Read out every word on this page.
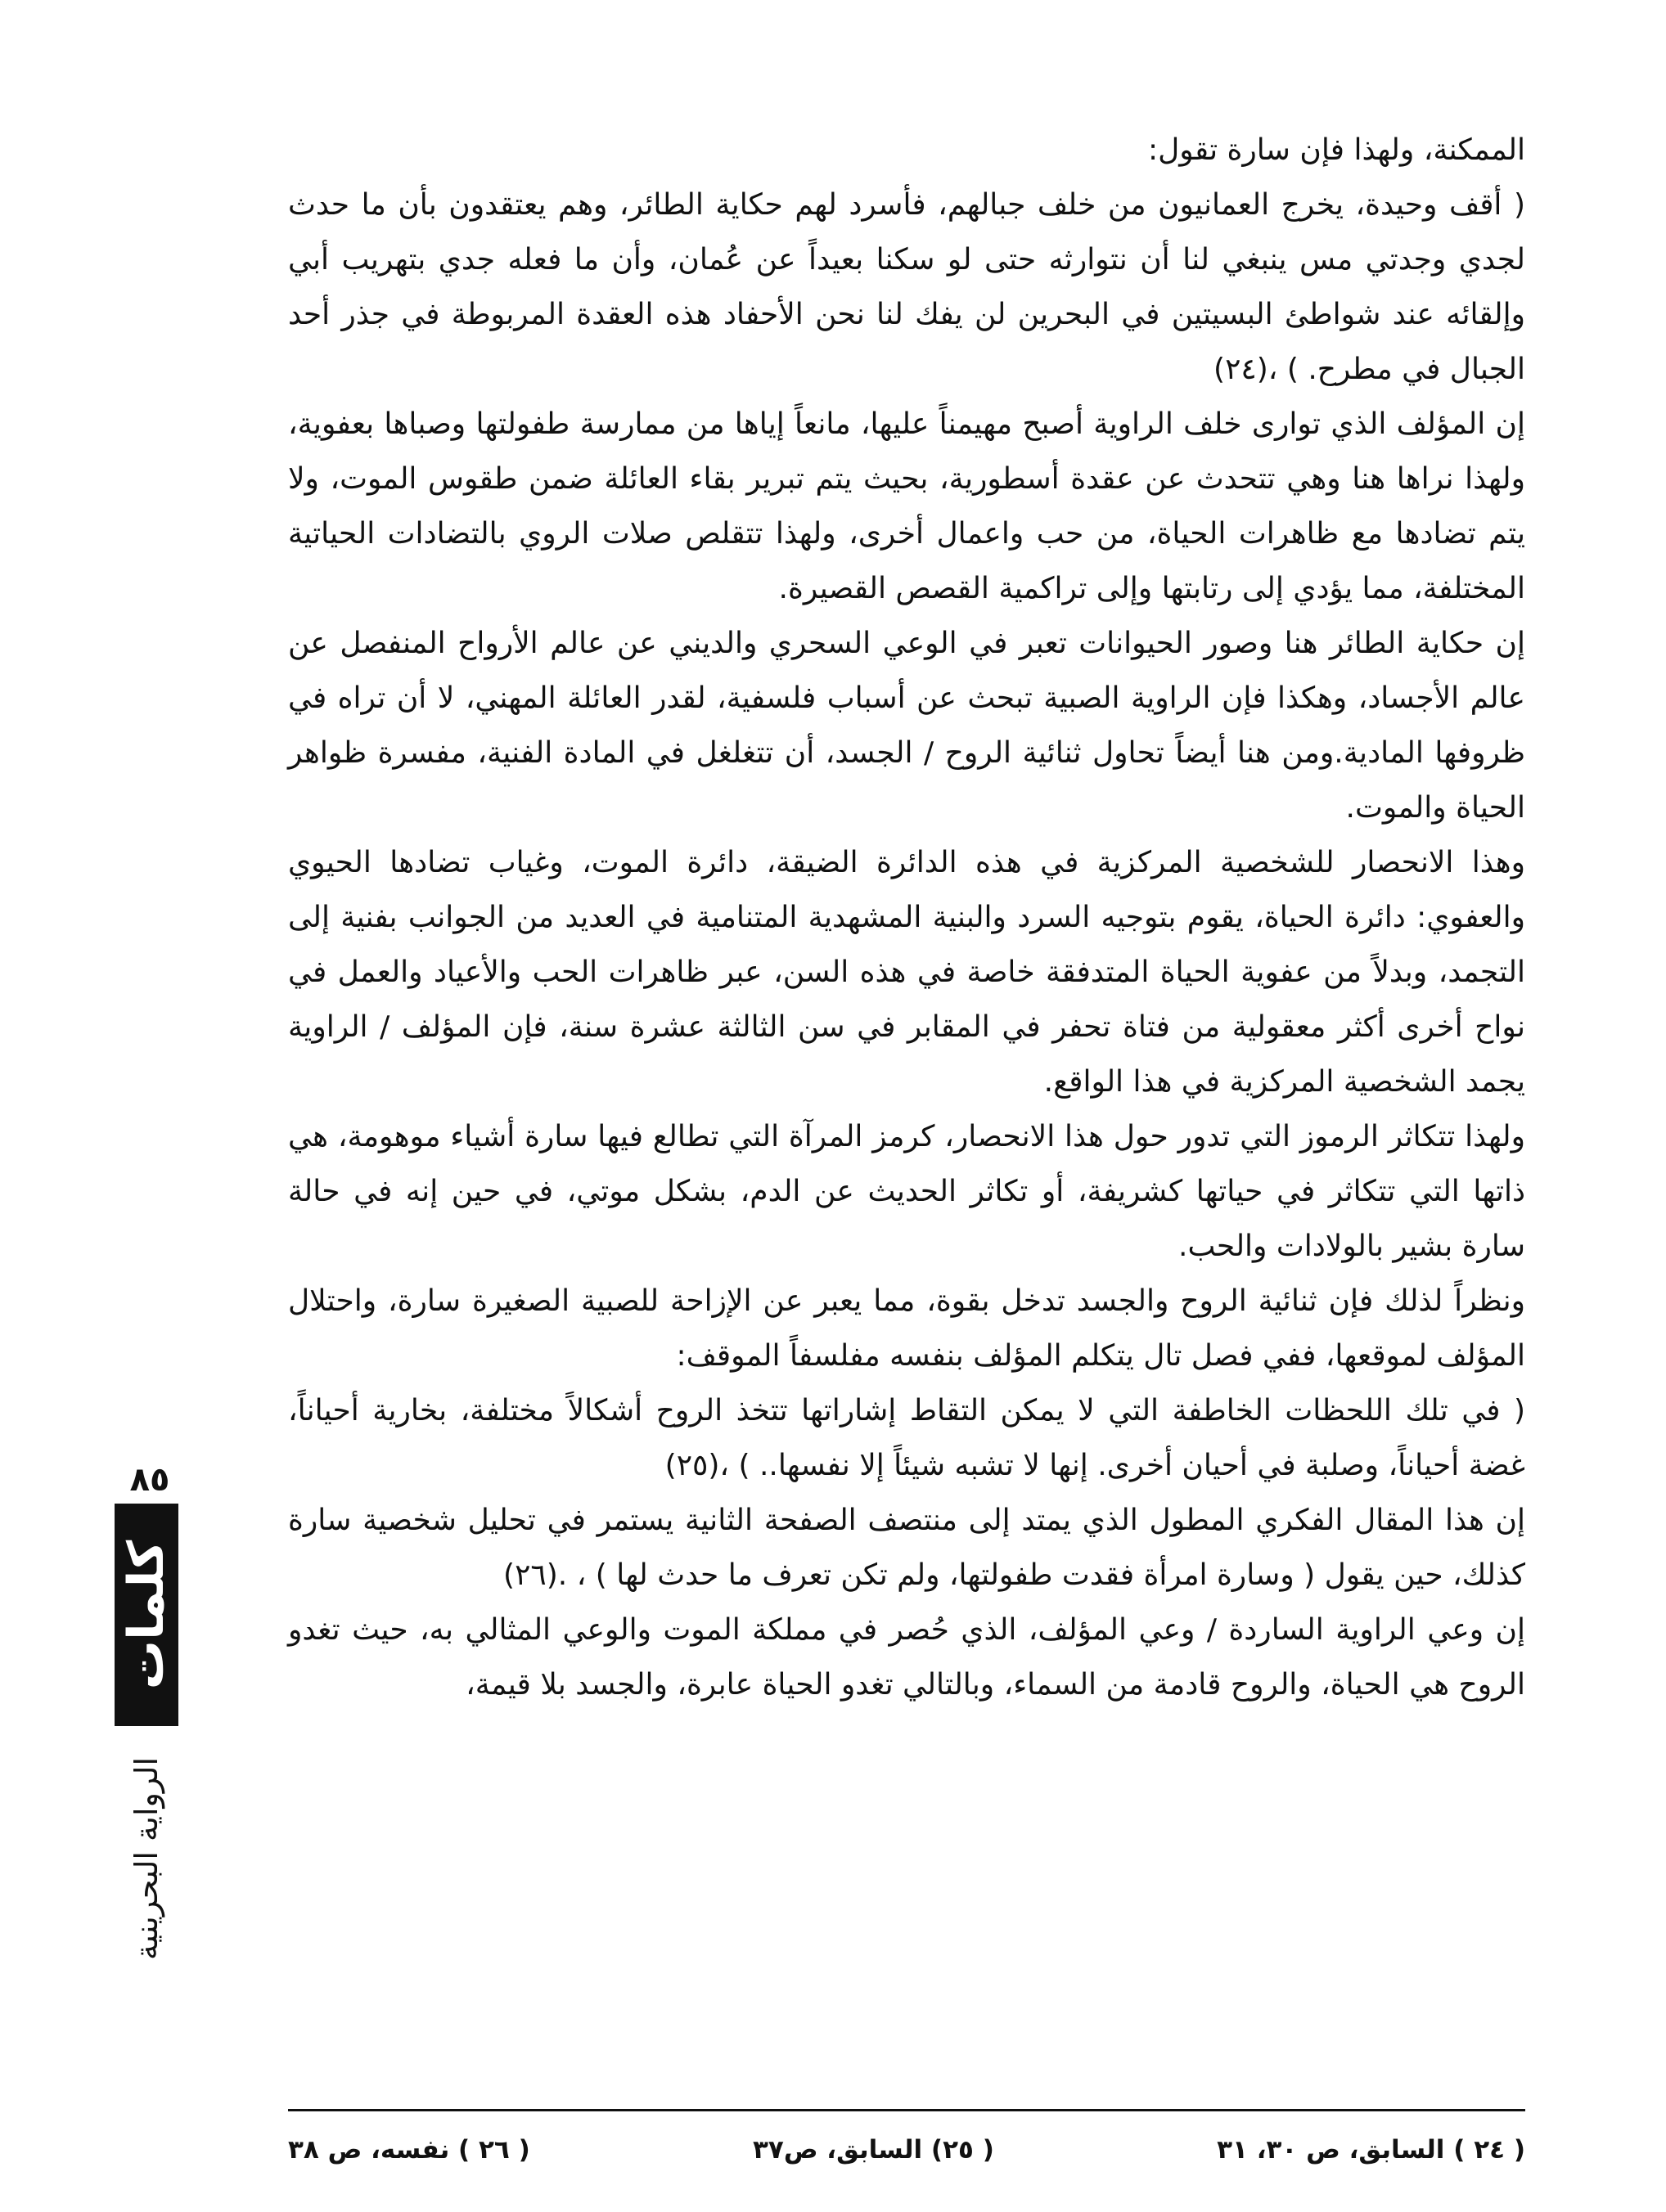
الممكنة، ولهذا فإن سارة تقول:

( أقف وحيدة، يخرج العمانيون من خلف جبالهم، فأسرد لهم حكاية الطائر، وهم يعتقدون بأن ما حدث لجدي وجدتي مس ينبغي لنا أن نتوارثه حتى لو سكنا بعيداً عن عُمان، وأن ما فعله جدي بتهريب أبي وإلقائه عند شواطئ البسيتين في البحرين لن يفك لنا نحن الأحفاد هذه العقدة المربوطة في جذر أحد الجبال في مطرح. ) ،(٢٤)

إن المؤلف الذي توارى خلف الراوية أصبح مهيمناً عليها، مانعاً إياها من ممارسة طفولتها وصباها بعفوية، ولهذا نراها هنا وهي تتحدث عن عقدة أسطورية، بحيث يتم تبرير بقاء العائلة ضمن طقوس الموت، ولا يتم تضادها مع ظاهرات الحياة، من حب واعمال أخرى، ولهذا تتقلص صلات الروي بالتضادات الحياتية المختلفة، مما يؤدي إلى رتابتها وإلى تراكمية القصص القصيرة.

إن حكاية الطائر هنا وصور الحيوانات تعبر في الوعي السحري والديني عن عالم الأرواح المنفصل عن عالم الأجساد، وهكذا فإن الراوية الصبية تبحث عن أسباب فلسفية، لقدر العائلة المهني، لا أن تراه في ظروفها المادية.ومن هنا أيضاً تحاول ثنائية الروح / الجسد، أن تتغلغل في المادة الفنية، مفسرة ظواهر الحياة والموت.

وهذا الانحصار للشخصية المركزية في هذه الدائرة الضيقة، دائرة الموت، وغياب تضادها الحيوي والعفوي: دائرة الحياة، يقوم بتوجيه السرد والبنية المشهدية المتنامية في العديد من الجوانب بفنية إلى التجمد، وبدلاً من عفوية الحياة المتدفقة خاصة في هذه السن، عبر ظاهرات الحب والأعياد والعمل في نواح أخرى أكثر معقولية من فتاة تحفر في المقابر في سن الثالثة عشرة سنة، فإن المؤلف / الراوية يجمد الشخصية المركزية في هذا الواقع.

ولهذا تتكاثر الرموز التي تدور حول هذا الانحصار، كرمز المرآة التي تطالع فيها سارة أشياء موهومة، هي ذاتها التي تتكاثر في حياتها كشريفة، أو تكاثر الحديث عن الدم، بشكل موتي، في حين إنه في حالة سارة بشير بالولادات والحب.

ونظراً لذلك فإن ثنائية الروح والجسد تدخل بقوة، مما يعبر عن الإزاحة للصبية الصغيرة سارة، واحتلال المؤلف لموقعها، ففي فصل تال يتكلم المؤلف بنفسه مفلسفاً الموقف:

( في تلك اللحظات الخاطفة التي لا يمكن التقاط إشاراتها تتخذ الروح أشكالاً مختلفة، بخارية أحياناً، غضة أحياناً، وصلبة في أحيان أخرى. إنها لا تشبه شيئاً إلا نفسها.. ) ،(٢٥)

إن هذا المقال الفكري المطول الذي يمتد إلى منتصف الصفحة الثانية يستمر في تحليل شخصية سارة كذلك، حين يقول ( وسارة امرأة فقدت طفولتها، ولم تكن تعرف ما حدث لها ) ، .(٢٦)

إن وعي الراوية الساردة / وعي المؤلف، الذي حُصر في مملكة الموت والوعي المثالي به، حيث تغدو الروح هي الحياة، والروح قادمة من السماء، وبالتالي تغدو الحياة عابرة، والجسد بلا قيمة،

( ٢٤ ) السابق، ص ٣٠، ٣١
( ٢٥) السابق، ص٣٧
( ٢٦ ) نفسه، ص ٣٨
٨٥
كلمات
الرواية البحرينية
